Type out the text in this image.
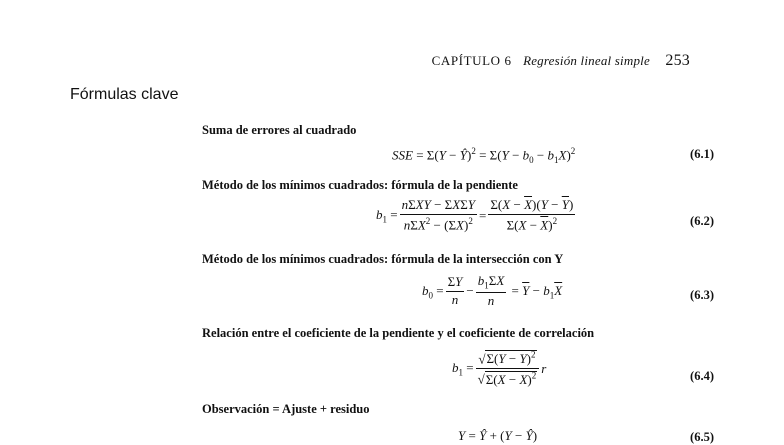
CAPÍTULO 6 Regresión lineal simple 253
Fórmulas clave
Suma de errores al cuadrado
SSE = Σ(Y − Ŷ)$^2$ = $\Sigma(Y - b_0 - b_1X)^2$	(6.1)
Método de los mínimos cuadrados: fórmula de la pendiente
$b_1 = \frac{\text{nΣXY − ΣXΣY}}{n\Sigma X^2 - (\Sigma X)^2} = \frac{\Sigma(X - \overline{X})(Y - \overline{Y})}{\Sigma(X - \overline{X})^2}$	(6.2)
Método de los mínimos cuadrados: fórmula de la intersección con Y
$b_0 = \frac{\Sigma Y}{n} - \frac{b_1\Sigma X}{n} = \overline{Y} - b_1\overline{X}$	(6.3)
Relación entre el coeficiente de la pendiente y el coeficiente de correlación
$b_1 = \frac{√\Sigma(Y - \overline{Y})^2}{√\Sigma(X - \overline{X})^2}$ r
(6.4)
Observación = Ajuste + residuo
Y = Ŷ + (Y − Ŷ)	(6.5)
